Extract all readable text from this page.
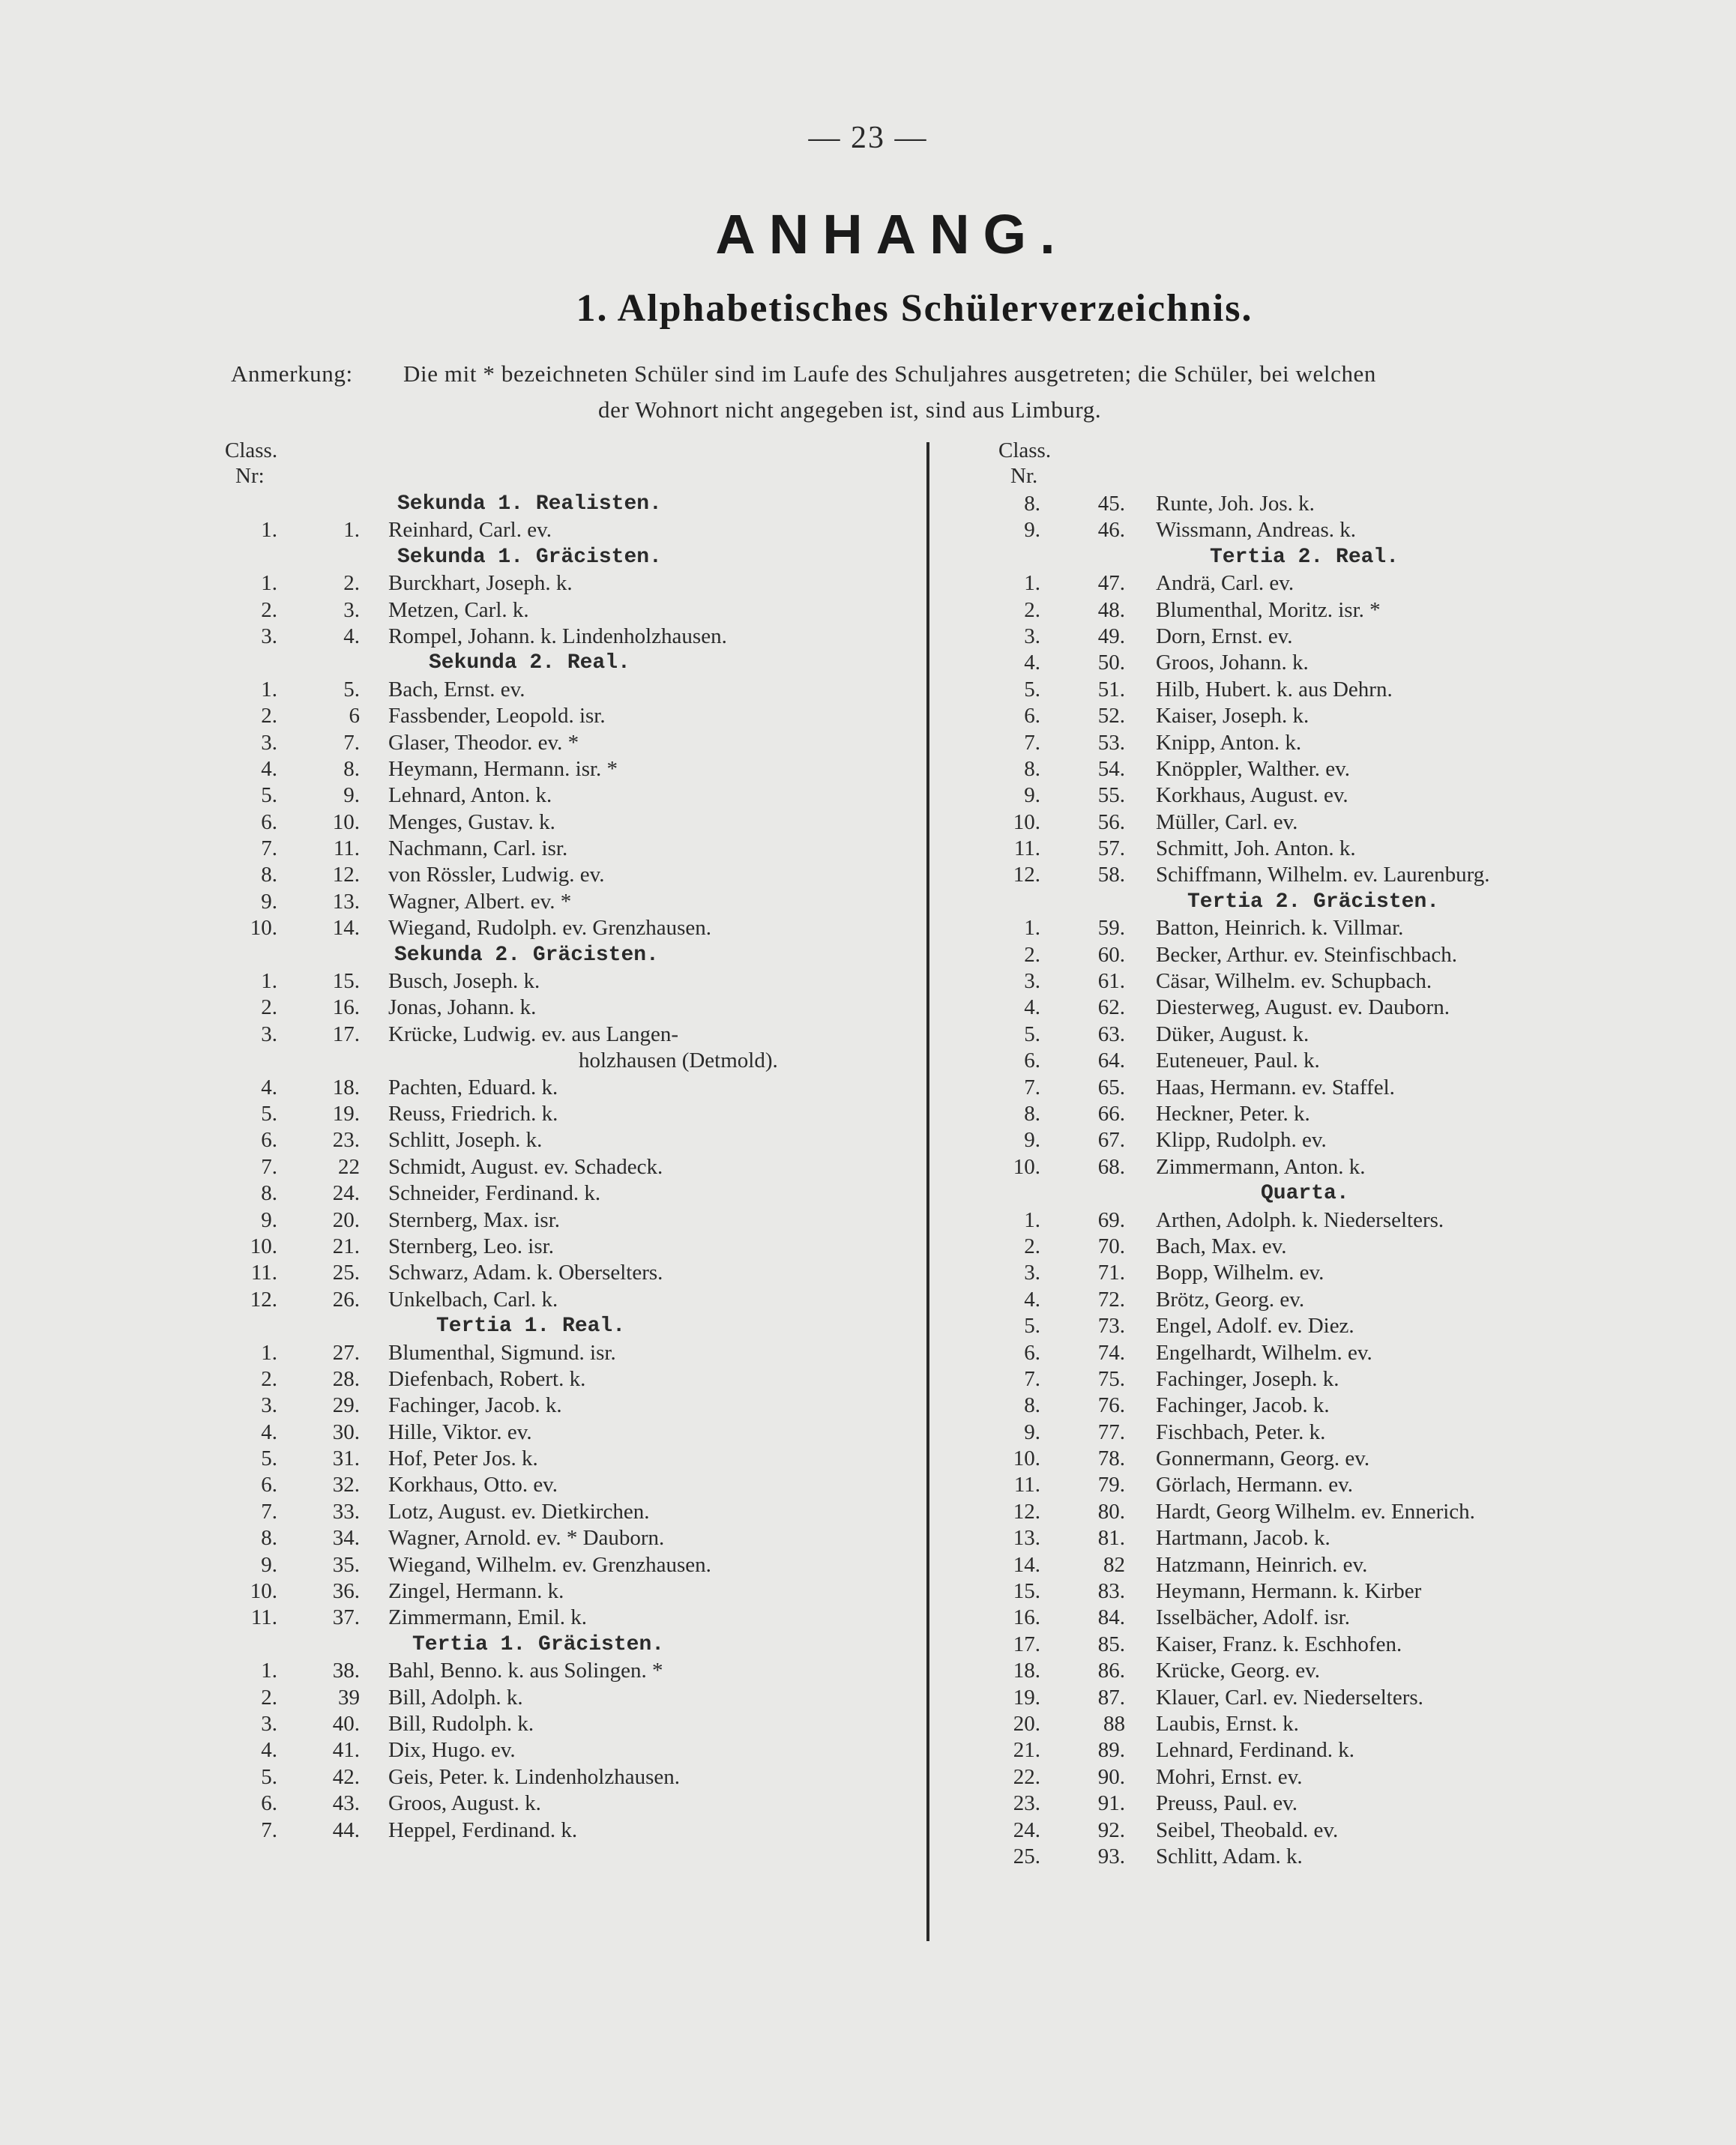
— 23 —
ANHANG.
1. Alphabetisches Schülerverzeichnis.
Anmerkung: Die mit * bezeichneten Schüler sind im Laufe des Schuljahres ausgetreten; die Schüler, bei welchen
der Wohnort nicht angegeben ist, sind aus Limburg.
Class.
Nr:
Sekunda 1. Realisten.
1.	1. Reinhard, Carl. ev.
Sekunda 1. Gräcisten.
1.	2. Burckhart, Joseph. k.
2.	3. Metzen, Carl. k.
3.	4. Rompel, Johann. k. Lindenholzhausen.
Sekunda 2. Real.
1.	5. Bach, Ernst. ev.
2.	6 Fassbender, Leopold. isr.
3.	7. Glaser, Theodor. ev. *
4.	8. Heymann, Hermann. isr. *
5.	9. Lehnard, Anton. k.
6.	10. Menges, Gustav. k.
7.	11. Nachmann, Carl. isr.
8.	12. von Rössler, Ludwig. ev.
9.	13. Wagner, Albert. ev. *
10.	14. Wiegand, Rudolph. ev. Grenzhausen.
Sekunda 2. Gräcisten.
1.	15. Busch, Joseph. k.
2.	16. Jonas, Johann. k.
3.	17. Krücke, Ludwig. ev. aus Langen-
holzhausen (Detmold).
4.	18. Pachten, Eduard. k.
5.	19. Reuss, Friedrich. k.
6.	23. Schlitt, Joseph. k.
7.	22 Schmidt, August. ev. Schadeck.
8.	24. Schneider, Ferdinand. k.
9.	20. Sternberg, Max. isr.
10.	21. Sternberg, Leo. isr.
11.	25. Schwarz, Adam. k. Oberselters.
12.	26. Unkelbach, Carl. k.
Tertia 1. Real.
1.	27. Blumenthal, Sigmund. isr.
2.	28. Diefenbach, Robert. k.
3.	29. Fachinger, Jacob. k.
4.	30. Hille, Viktor. ev.
5.	31. Hof, Peter Jos. k.
6.	32. Korkhaus, Otto. ev.
7.	33. Lotz, August. ev. Dietkirchen.
8.	34. Wagner, Arnold. ev. * Dauborn.
9.	35. Wiegand, Wilhelm. ev. Grenzhausen.
10.	36. Zingel, Hermann. k.
11.	37. Zimmermann, Emil. k.
Tertia 1. Gräcisten.
1.	38. Bahl, Benno. k. aus Solingen. *
2.	39 Bill, Adolph. k.
3.	40. Bill, Rudolph. k.
4.	41. Dix, Hugo. ev.
5.	42. Geis, Peter. k. Lindenholzhausen.
6.	43. Groos, August. k.
7.	44. Heppel, Ferdinand. k.
Class.
Nr.
8.	45. Runte, Joh. Jos. k.
9.	46. Wissmann, Andreas. k.
Tertia 2. Real.
1.	47. Andrä, Carl. ev.
2.	48. Blumenthal, Moritz. isr. *
3.	49. Dorn, Ernst. ev.
4.	50. Groos, Johann. k.
5.	51. Hilb, Hubert. k. aus Dehrn.
6.	52. Kaiser, Joseph. k.
7.	53. Knipp, Anton. k.
8.	54. Knöppler, Walther. ev.
9.	55. Korkhaus, August. ev.
10.	56. Müller, Carl. ev.
11.	57. Schmitt, Joh. Anton. k.
12.	58. Schiffmann, Wilhelm. ev. Laurenburg.
Tertia 2. Gräcisten.
1.	59. Batton, Heinrich. k. Villmar.
2.	60. Becker, Arthur. ev. Steinfischbach.
3.	61. Cäsar, Wilhelm. ev. Schupbach.
4.	62. Diesterweg, August. ev. Dauborn.
5.	63. Düker, August. k.
6.	64. Euteneuer, Paul. k.
7.	65. Haas, Hermann. ev. Staffel.
8.	66. Heckner, Peter. k.
9.	67. Klipp, Rudolph. ev.
10.	68. Zimmermann, Anton. k.
Quarta.
1.	69. Arthen, Adolph. k. Niederselters.
2.	70. Bach, Max. ev.
3.	71. Bopp, Wilhelm. ev.
4.	72. Brötz, Georg. ev.
5.	73. Engel, Adolf. ev. Diez.
6.	74. Engelhardt, Wilhelm. ev.
7.	75. Fachinger, Joseph. k.
8.	76. Fachinger, Jacob. k.
9.	77. Fischbach, Peter. k.
10.	78. Gonnermann, Georg. ev.
11.	79. Görlach, Hermann. ev.
12.	80. Hardt, Georg Wilhelm. ev. Ennerich.
13.	81. Hartmann, Jacob. k.
14.	82 Hatzmann, Heinrich. ev.
15.	83. Heymann, Hermann. k. Kirber
16.	84. Isselbächer, Adolf. isr.
17.	85. Kaiser, Franz. k. Eschhofen.
18.	86. Krücke, Georg. ev.
19.	87. Klauer, Carl. ev. Niederselters.
20.	88 Laubis, Ernst. k.
21.	89. Lehnard, Ferdinand. k.
22.	90. Mohri, Ernst. ev.
23.	91. Preuss, Paul. ev.
24.	92. Seibel, Theobald. ev.
25.	93. Schlitt, Adam. k.
